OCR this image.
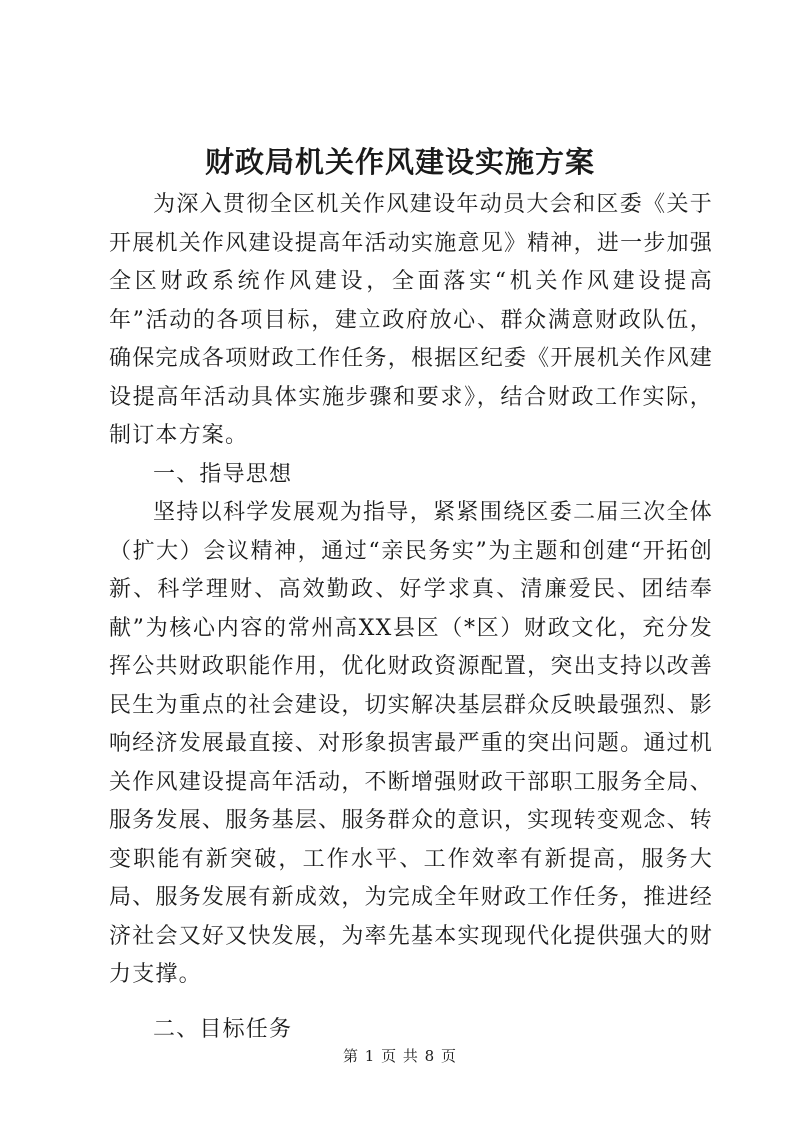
财政局机关作风建设实施方案

为深入贯彻全区机关作风建设年动员大会和区委《关于开展机关作风建设提高年活动实施意见》精神，进一步加强全区财政系统作风建设，全面落实“机关作风建设提高年”活动的各项目标，建立政府放心、群众满意财政队伍，确保完成各项财政工作任务，根据区纪委《开展机关作风建设提高年活动具体实施步骤和要求》，结合财政工作实际，制订本方案。

一、指导思想

坚持以科学发展观为指导，紧紧围绕区委二届三次全体（扩大）会议精神，通过“亲民务实”为主题和创建“开拓创新、科学理财、高效勤政、好学求真、清廉爱民、团结奉献”为核心内容的常州高XX县区（*区）财政文化，充分发挥公共财政职能作用，优化财政资源配置，突出支持以改善民生为重点的社会建设，切实解决基层群众反映最强烈、影响经济发展最直接、对形象损害最严重的突出问题。通过机关作风建设提高年活动，不断增强财政干部职工服务全局、服务发展、服务基层、服务群众的意识，实现转变观念、转变职能有新突破，工作水平、工作效率有新提高，服务大局、服务发展有新成效，为完成全年财政工作任务，推进经济社会又好又快发展，为率先基本实现现代化提供强大的财力支撑。

二、目标任务

第 1 页 共 8 页
